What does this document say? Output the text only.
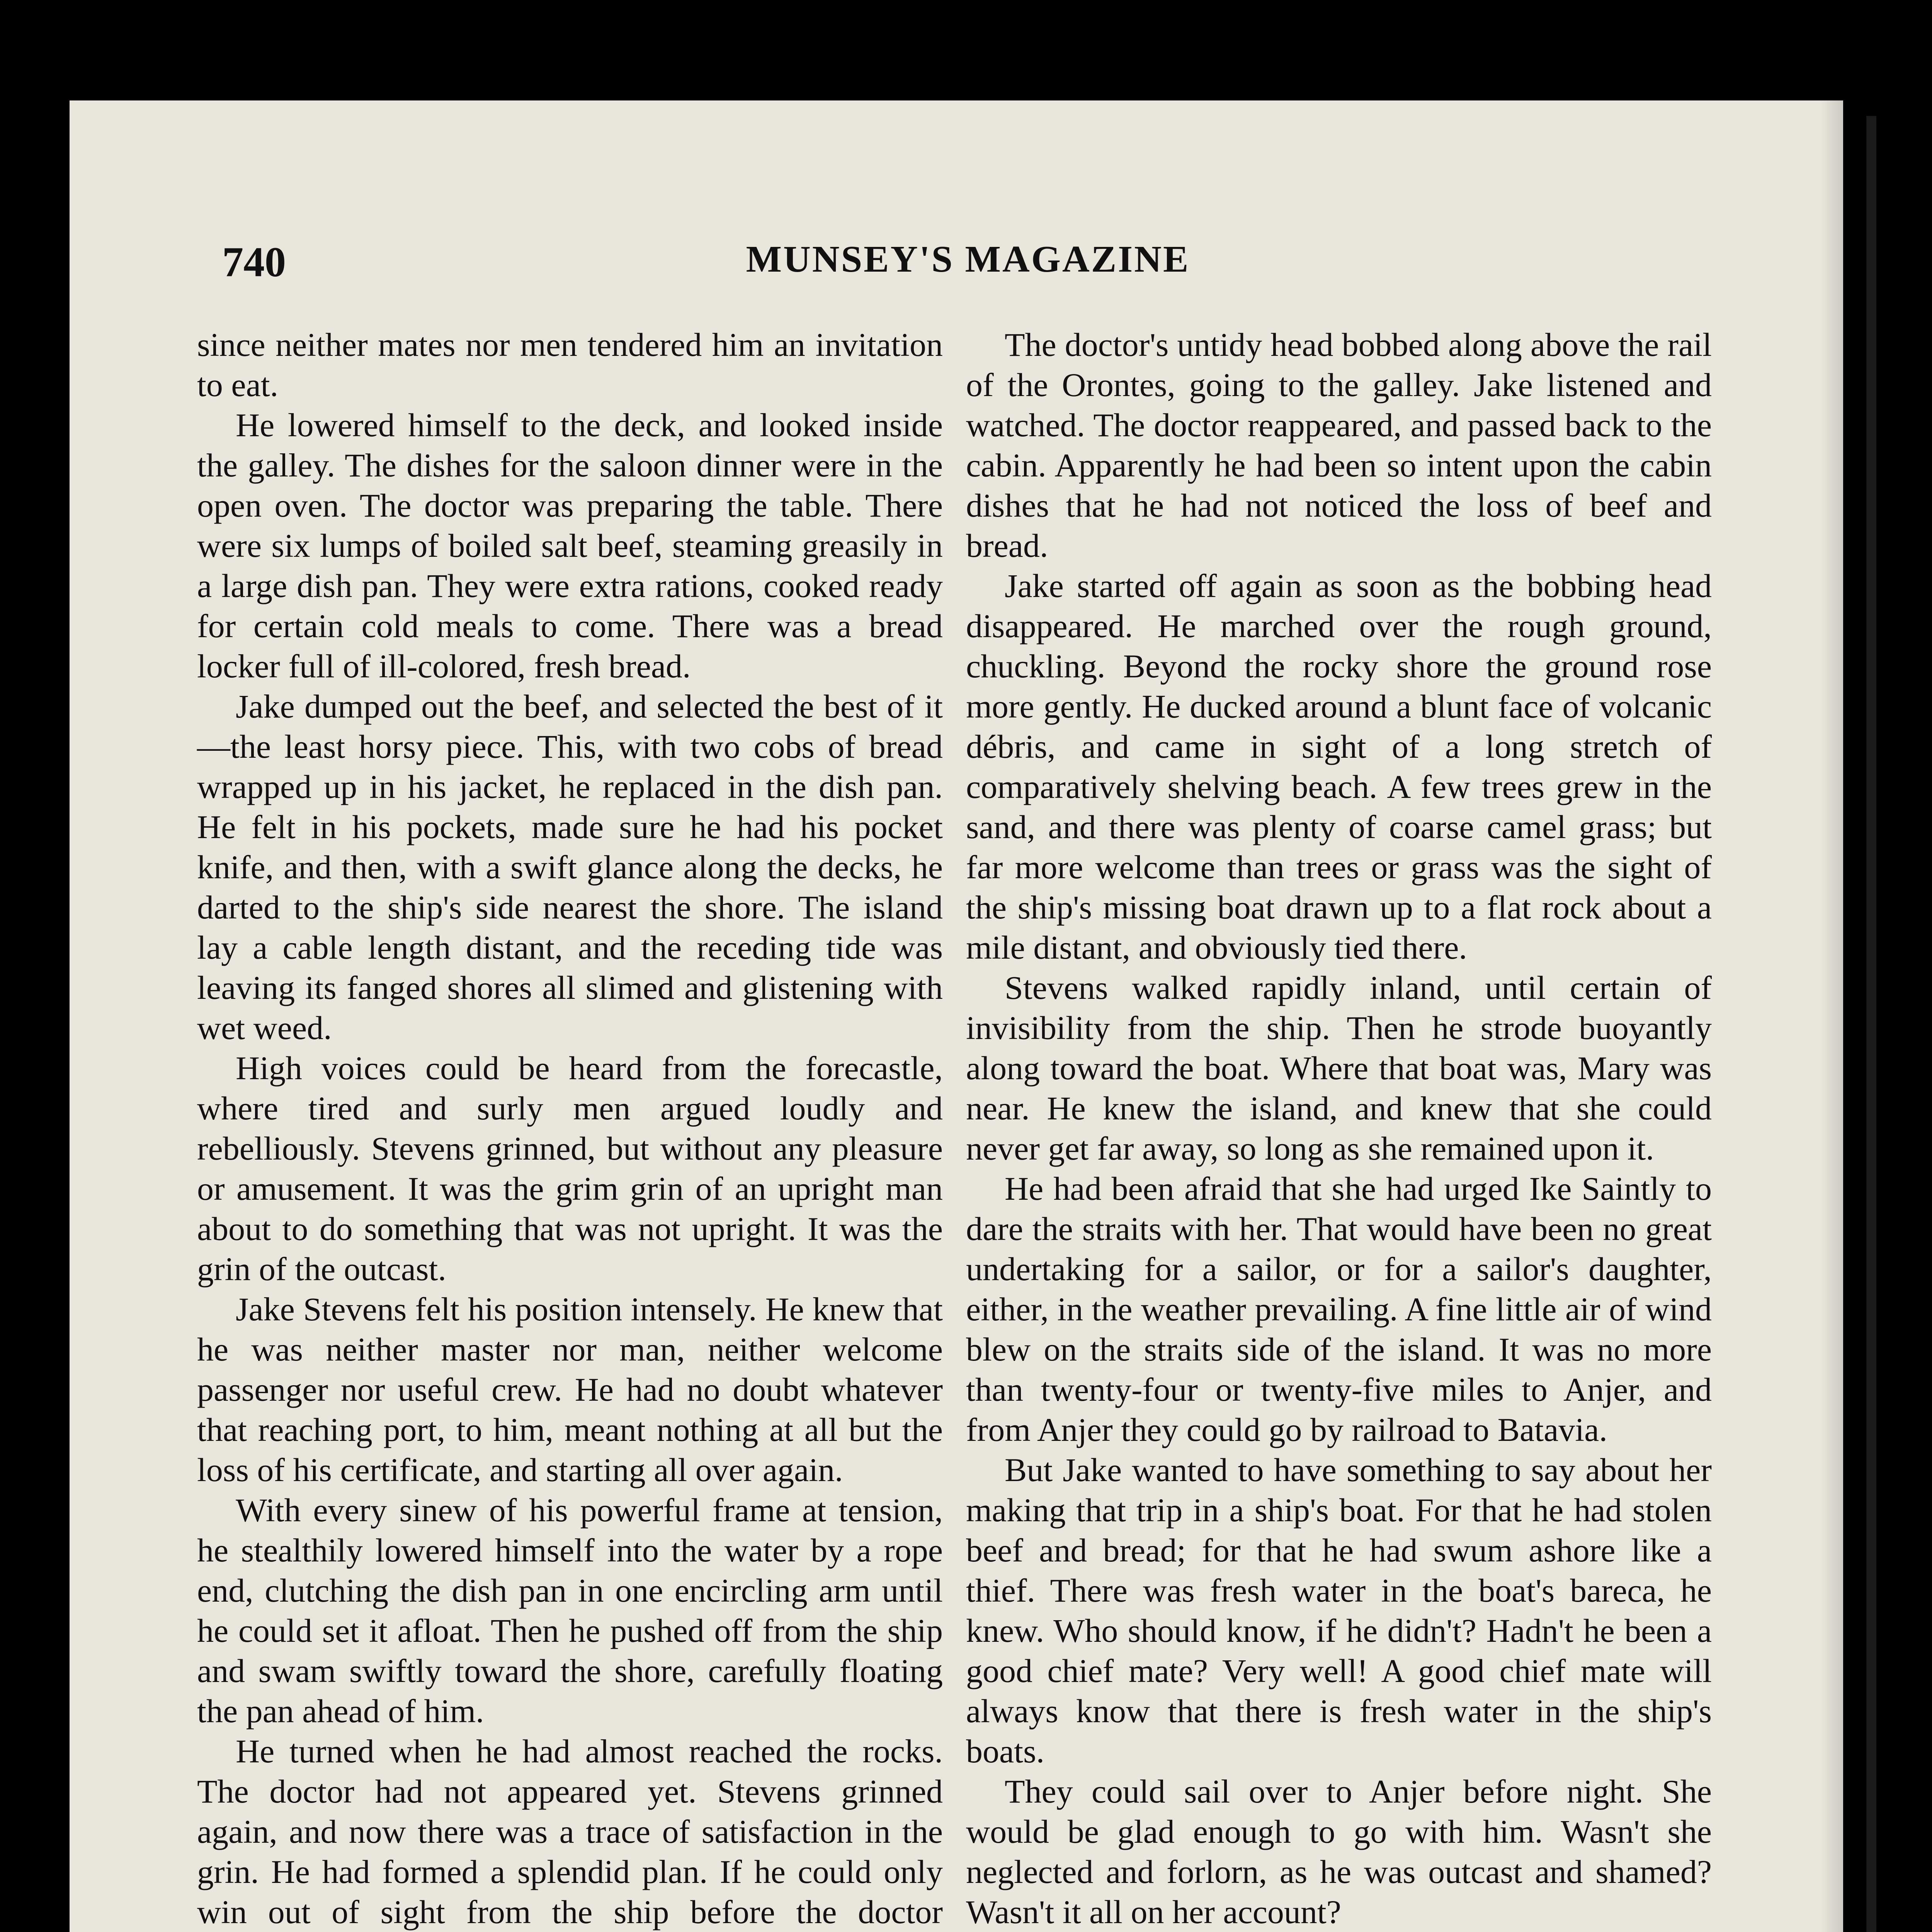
740	MUNSEY'S MAGAZINE

since neither mates nor men tendered him an invitation to eat.

He lowered himself to the deck, and looked inside the galley. The dishes for the saloon dinner were in the open oven. The doctor was preparing the table. There were six lumps of boiled salt beef, steaming greasily in a large dish pan. They were extra rations, cooked ready for certain cold meals to come. There was a bread locker full of ill-colored, fresh bread.

Jake dumped out the beef, and selected the best of it—the least horsy piece. This, with two cobs of bread wrapped up in his jacket, he replaced in the dish pan. He felt in his pockets, made sure he had his pocket knife, and then, with a swift glance along the decks, he darted to the ship's side nearest the shore. The island lay a cable length distant, and the receding tide was leaving its fanged shores all slimed and glistening with wet weed.

High voices could be heard from the forecastle, where tired and surly men argued loudly and rebelliously. Stevens grinned, but without any pleasure or amusement. It was the grim grin of an upright man about to do something that was not upright. It was the grin of the outcast.

Jake Stevens felt his position intensely. He knew that he was neither master nor man, neither welcome passenger nor useful crew. He had no doubt whatever that reaching port, to him, meant nothing at all but the loss of his certificate, and starting all over again.

With every sinew of his powerful frame at tension, he stealthily lowered himself into the water by a rope end, clutching the dish pan in one encircling arm until he could set it afloat. Then he pushed off from the ship and swam swiftly toward the shore, carefully floating the pan ahead of him.

He turned when he had almost reached the rocks. The doctor had not appeared yet. Stevens grinned again, and now there was a trace of satisfaction in the grin. He had formed a splendid plan. If he could only win out of sight from the ship before the doctor

The doctor's untidy head bobbed along above the rail of the Orontes, going to the galley. Jake listened and watched. The doctor reappeared, and passed back to the cabin. Apparently he had been so intent upon the cabin dishes that he had not noticed the loss of beef and bread.

Jake started off again as soon as the bobbing head disappeared. He marched over the rough ground, chuckling. Beyond the rocky shore the ground rose more gently. He ducked around a blunt face of volcanic débris, and came in sight of a long stretch of comparatively shelving beach. A few trees grew in the sand, and there was plenty of coarse camel grass; but far more welcome than trees or grass was the sight of the ship's missing boat drawn up to a flat rock about a mile distant, and obviously tied there.

Stevens walked rapidly inland, until certain of invisibility from the ship. Then he strode buoyantly along toward the boat. Where that boat was, Mary was near. He knew the island, and knew that she could never get far away, so long as she remained upon it.

He had been afraid that she had urged Ike Saintly to dare the straits with her. That would have been no great undertaking for a sailor, or for a sailor's daughter, either, in the weather prevailing. A fine little air of wind blew on the straits side of the island. It was no more than twenty-four or twenty-five miles to Anjer, and from Anjer they could go by railroad to Batavia.

But Jake wanted to have something to say about her making that trip in a ship's boat. For that he had stolen beef and bread; for that he had swum ashore like a thief. There was fresh water in the boat's bareca, he knew. Who should know, if he didn't? Hadn't he been a good chief mate? Very well! A good chief mate will always know that there is fresh water in the ship's boats.

They could sail over to Anjer before night. She would be glad enough to go with him. Wasn't she neglected and forlorn, as he was outcast and shamed? Wasn't it all on her account?
